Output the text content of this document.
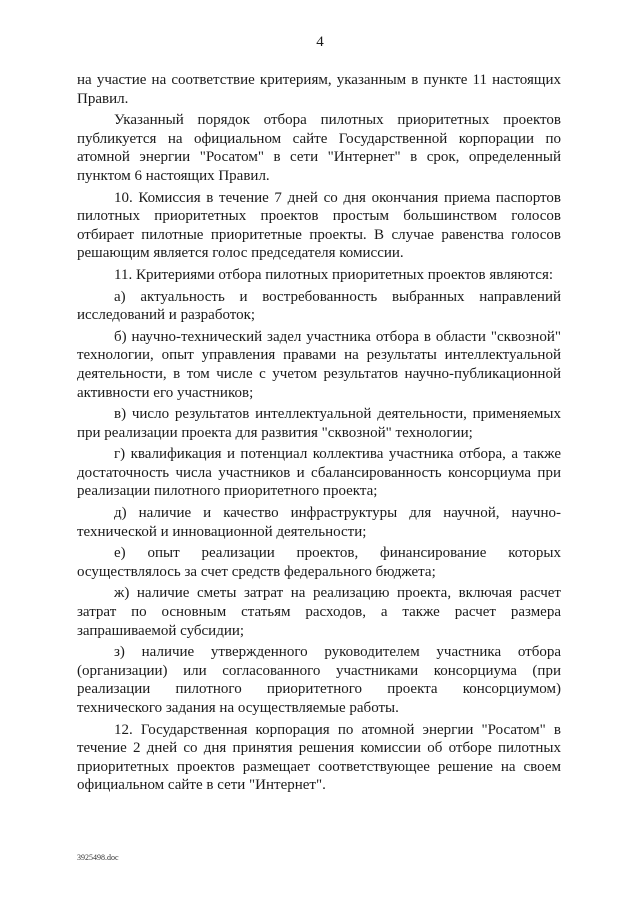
4

на участие на соответствие критериям, указанным в пункте 11 настоящих Правил.

Указанный порядок отбора пилотных приоритетных проектов публикуется на официальном сайте Государственной корпорации по атомной энергии "Росатом" в сети "Интернет" в срок, определенный пунктом 6 настоящих Правил.

10. Комиссия в течение 7 дней со дня окончания приема паспортов пилотных приоритетных проектов простым большинством голосов отбирает пилотные приоритетные проекты. В случае равенства голосов решающим является голос председателя комиссии.

11. Критериями отбора пилотных приоритетных проектов являются:

а) актуальность и востребованность выбранных направлений исследований и разработок;

б) научно-технический задел участника отбора в области "сквозной" технологии, опыт управления правами на результаты интеллектуальной деятельности, в том числе с учетом результатов научно-публикационной активности его участников;

в) число результатов интеллектуальной деятельности, применяемых при реализации проекта для развития "сквозной" технологии;

г) квалификация и потенциал коллектива участника отбора, а также достаточность числа участников и сбалансированность консорциума при реализации пилотного приоритетного проекта;

д) наличие и качество инфраструктуры для научной, научно-технической и инновационной деятельности;

е) опыт реализации проектов, финансирование которых осуществлялось за счет средств федерального бюджета;

ж) наличие сметы затрат на реализацию проекта, включая расчет затрат по основным статьям расходов, а также расчет размера запрашиваемой субсидии;

з) наличие утвержденного руководителем участника отбора (организации) или согласованного участниками консорциума (при реализации пилотного приоритетного проекта консорциумом) технического задания на осуществляемые работы.

12. Государственная корпорация по атомной энергии "Росатом" в течение 2 дней со дня принятия решения комиссии об отборе пилотных приоритетных проектов размещает соответствующее решение на своем официальном сайте в сети "Интернет".

3925498.doc
